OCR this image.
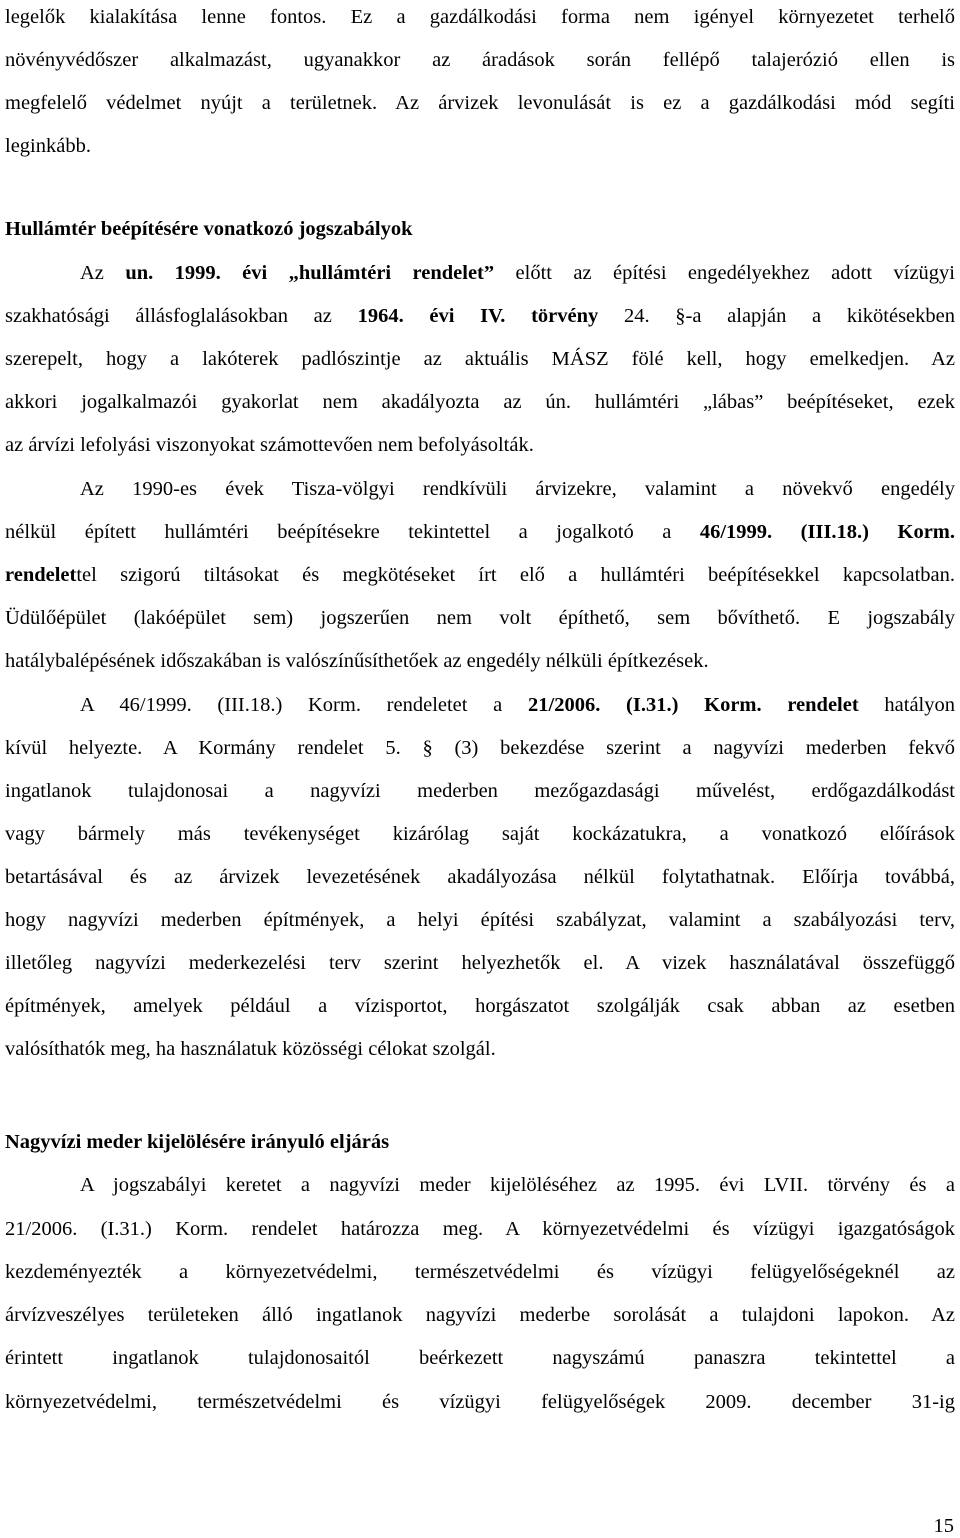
legelők kialakítása lenne fontos. Ez a gazdálkodási forma nem igényel környezetet terhelő
növényvédőszer alkalmazást, ugyanakkor az áradások során fellépő talajerózió ellen is
megfelelő védelmet nyújt a területnek. Az árvizek levonulását is ez a gazdálkodási mód segíti
leginkább.
Hullámtér beépítésére vonatkozó jogszabályok
Az un. 1999. évi „hullámtéri rendelet” előtt az építési engedélyekhez adott vízügyi
szakhatósági állásfoglalásokban az 1964. évi IV. törvény 24. §-a alapján a kikötésekben
szerepelt, hogy a lakóterek padlószintje az aktuális MÁSZ fölé kell, hogy emelkedjen. Az
akkori jogalkalmazói gyakorlat nem akadályozta az ún. hullámtéri „lábas” beépítéseket, ezek
az árvízi lefolyási viszonyokat számottevően nem befolyásolták.
Az 1990-es évek Tisza-völgyi rendkívüli árvizekre, valamint a növekvő engedély
nélkül épített hullámtéri beépítésekre tekintettel a jogalkotó a 46/1999. (III.18.) Korm.
rendelettel szigorú tiltásokat és megkötéseket írt elő a hullámtéri beépítésekkel kapcsolatban.
Üdülőépület (lakóépület sem) jogszerűen nem volt építhető, sem bővíthető. E jogszabály
hatálybalépésének időszakában is valószínűsíthetőek az engedély nélküli építkezések.
A 46/1999. (III.18.) Korm. rendeletet a 21/2006. (I.31.) Korm. rendelet hatályon
kívül helyezte. A Kormány rendelet 5. § (3) bekezdése szerint a nagyvízi mederben fekvő
ingatlanok tulajdonosai a nagyvízi mederben mezőgazdasági művelést, erdőgazdálkodást
vagy bármely más tevékenységet kizárólag saját kockázatukra, a vonatkozó előírások
betartásával és az árvizek levezetésének akadályozása nélkül folytathatnak. Előírja továbbá,
hogy nagyvízi mederben építmények, a helyi építési szabályzat, valamint a szabályozási terv,
illetőleg nagyvízi mederkezelési terv szerint helyezhetők el. A vizek használatával összefüggő
építmények, amelyek például a vízisportot, horgászatot szolgálják csak abban az esetben
valósíthatók meg, ha használatuk közösségi célokat szolgál.
Nagyvízi meder kijelölésére irányuló eljárás
A jogszabályi keretet a nagyvízi meder kijelöléséhez az 1995. évi LVII. törvény és a
21/2006. (I.31.) Korm. rendelet határozza meg. A környezetvédelmi és vízügyi igazgatóságok
kezdeményezték a környezetvédelmi, természetvédelmi és vízügyi felügyelőségeknél az
árvízveszélyes területeken álló ingatlanok nagyvízi mederbe sorolását a tulajdoni lapokon. Az
érintett ingatlanok tulajdonosaitól beérkezett nagyszámú panaszra tekintettel a
környezetvédelmi, természetvédelmi és vízügyi felügyelőségek 2009. december 31-ig
15
